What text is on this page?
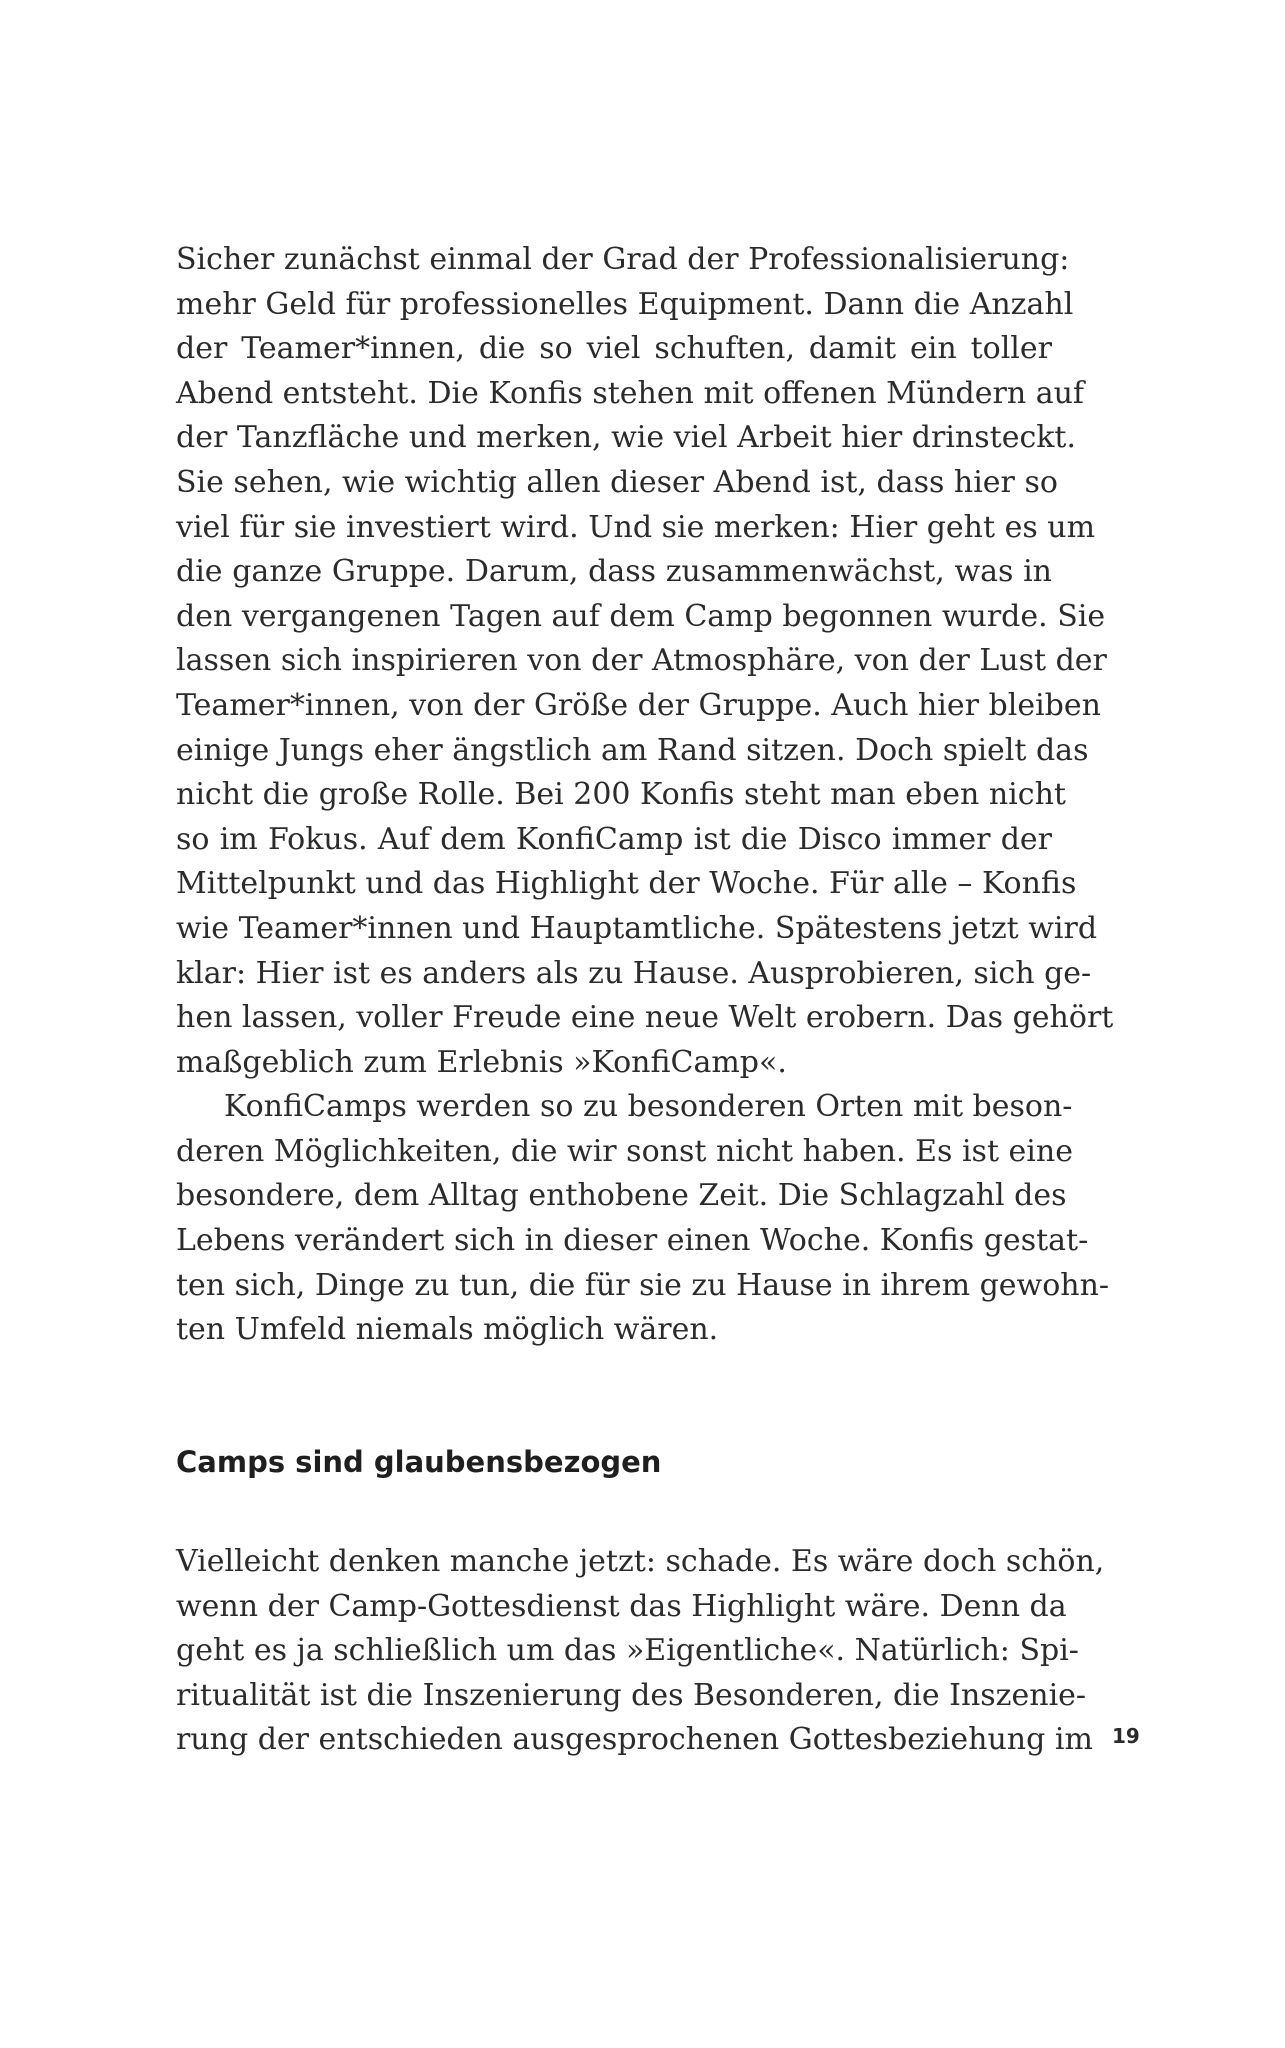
Sicher zunächst einmal der Grad der Professionalisierung:
mehr Geld für professionelles Equipment. Dann die Anzahl
der Teamer*innen, die so viel schuften, damit ein toller
Abend entsteht. Die Konfis stehen mit offenen Mündern auf
der Tanzfläche und merken, wie viel Arbeit hier drinsteckt.
Sie sehen, wie wichtig allen dieser Abend ist, dass hier so
viel für sie investiert wird. Und sie merken: Hier geht es um
die ganze Gruppe. Darum, dass zusammenwächst, was in
den vergangenen Tagen auf dem Camp begonnen wurde. Sie
lassen sich inspirieren von der Atmosphäre, von der Lust der
Teamer*innen, von der Größe der Gruppe. Auch hier bleiben
einige Jungs eher ängstlich am Rand sitzen. Doch spielt das
nicht die große Rolle. Bei 200 Konfis steht man eben nicht
so im Fokus. Auf dem KonfiCamp ist die Disco immer der
Mittelpunkt und das Highlight der Woche. Für alle – Konfis
wie Teamer*innen und Hauptamtliche. Spätestens jetzt wird
klar: Hier ist es anders als zu Hause. Ausprobieren, sich ge-
hen lassen, voller Freude eine neue Welt erobern. Das gehört
maßgeblich zum Erlebnis »KonfiCamp«.
KonfiCamps werden so zu besonderen Orten mit beson-
deren Möglichkeiten, die wir sonst nicht haben. Es ist eine
besondere, dem Alltag enthobene Zeit. Die Schlagzahl des
Lebens verändert sich in dieser einen Woche. Konfis gestat-
ten sich, Dinge zu tun, die für sie zu Hause in ihrem gewohn-
ten Umfeld niemals möglich wären.
Camps sind glaubensbezogen
Vielleicht denken manche jetzt: schade. Es wäre doch schön,
wenn der Camp-Gottesdienst das Highlight wäre. Denn da
geht es ja schließlich um das »Eigentliche«. Natürlich: Spi-
ritualität ist die Inszenierung des Besonderen, die Inszenie-
rung der entschieden ausgesprochenen Gottesbeziehung im 19
